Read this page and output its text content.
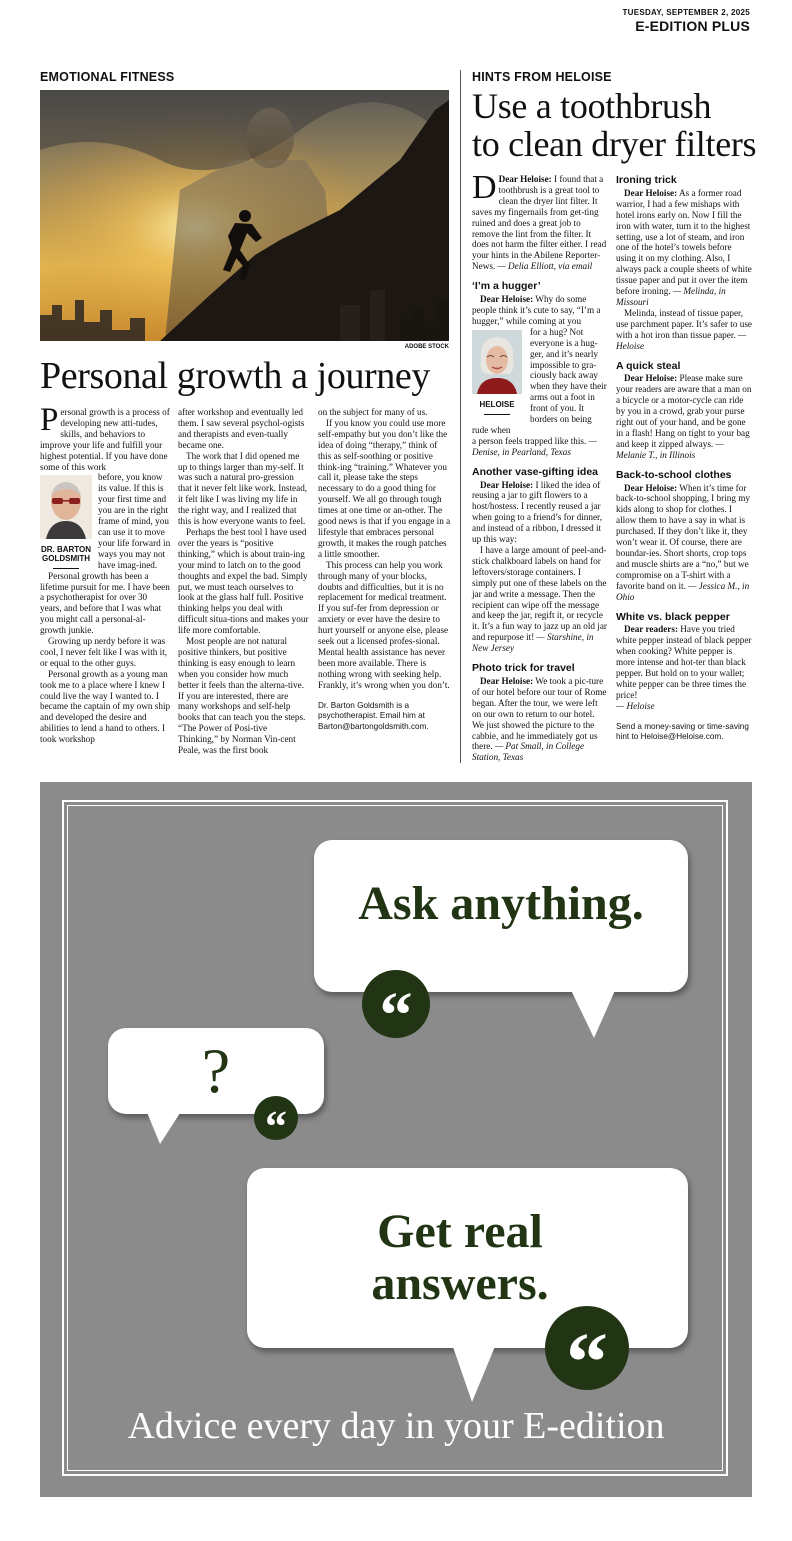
TUESDAY, SEPTEMBER 2, 2025
E-EDITION PLUS
EMOTIONAL FITNESS
ADOBE STOCK
Personal growth a journey

Personal growth is a process of developing new atti-tudes, skills, and behaviors to improve your life and fulfill your highest potential. If you have done some of this work

DR. BARTON
GOLDSMITH

before, you know its value. If this is your first time and you are in the right frame of mind, you can use it to move your life forward in ways you may not have imag-ined.

Personal growth has been a lifetime pursuit for me. I have been a psychotherapist for over 30 years, and before that I was what you might call a personal-al-growth junkie.

Growing up nerdy before it was cool, I never felt like I was with it, or equal to the other guys.

Personal growth as a young man took me to a place where I knew I could live the way I wanted to. I became the captain of my own ship and developed the desire and abilities to lend a hand to others. I took workshop

after workshop and eventually led them. I saw several psychol-ogists and therapists and even-tually became one.

The work that I did opened me up to things larger than my-self. It was such a natural pro-gression that it never felt like work. Instead, it felt like I was living my life in the right way, and I realized that this is how everyone wants to feel.

Perhaps the best tool I have used over the years is “positive thinking,” which is about train-ing your mind to latch on to the good thoughts and expel the bad. Simply put, we must teach ourselves to look at the glass half full. Positive thinking helps you deal with difficult situa-tions and makes your life more comfortable.

Most people are not natural positive thinkers, but positive thinking is easy enough to learn when you consider how much better it feels than the alterna-tive. If you are interested, there are many workshops and self-help books that can teach you the steps. “The Power of Posi-tive Thinking,” by Norman Vin-cent Peale, was the first book

on the subject for many of us.

If you know you could use more self-empathy but you don’t like the idea of doing “therapy,” think of this as self-soothing or positive think-ing “training.” Whatever you call it, please take the steps necessary to do a good thing for yourself. We all go through tough times at one time or an-other. The good news is that if you engage in a lifestyle that embraces personal growth, it makes the rough patches a little smoother.

This process can help you work through many of your blocks, doubts and difficulties, but it is no replacement for medical treatment. If you suf-fer from depression or anxiety or ever have the desire to hurt yourself or anyone else, please seek out a licensed profes-sional. Mental health assistance has never been more available. There is nothing wrong with seeking help. Frankly, it’s wrong when you don’t.

Dr. Barton Goldsmith is a psychotherapist. Email him at Barton@bartongoldsmith.com.

HINTS FROM HELOISE
Use a toothbrush
to clean dryer filters

D Dear Heloise: I found that a toothbrush is a great tool to clean the dryer lint filter. It saves my fingernails from get-ting ruined and does a great job to remove the lint from the filter. It does not harm the filter either. I read your hints in the Abilene Reporter-News. — Delia Elliott, via email

‘I’m a hugger’

Dear Heloise: Why do some people think it’s cute to say, “I’m a hugger,” while coming at you

HELOISE

for a hug? Not everyone is a hug-ger, and it’s nearly impossible to gra-ciously back away when they have their arms out a foot in front of you. It borders on being rude when

a person feels trapped like this. — Denise, in Pearland, Texas

Another vase-gifting idea

Dear Heloise: I liked the idea of reusing a jar to gift flowers to a host/hostess. I recently reused a jar when going to a friend’s for dinner, and instead of a ribbon, I dressed it up this way:

I have a large amount of peel-and-stick chalkboard labels on hand for leftovers/storage containers. I simply put one of these labels on the jar and write a message. Then the recipient can wipe off the message and keep the jar, regift it, or recycle it. It’s a fun way to jazz up an old jar and repurpose it! — Starshine, in New Jersey

Photo trick for travel

Dear Heloise: We took a pic-ture of our hotel before our tour of Rome began. After the tour, we were left on our own to return to our hotel. We just showed the picture to the cabbie, and he immediately got us there. — Pat Small, in College Station, Texas

Ironing trick

Dear Heloise: As a former road warrior, I had a few mishaps with hotel irons early on. Now I fill the iron with water, turn it to the highest setting, use a lot of steam, and iron one of the hotel’s towels before using it on my clothing. Also, I always pack a couple sheets of white tissue paper and put it over the item before ironing. — Melinda, in Missouri

Melinda, instead of tissue paper, use parchment paper. It’s safer to use with a hot iron than tissue paper. — Heloise

A quick steal

Dear Heloise: Please make sure your readers are aware that a man on a bicycle or a motor-cycle can ride by you in a crowd, grab your purse right out of your hand, and be gone in a flash! Hang on tight to your bag and keep it zipped always. — Melanie T., in Illinois

Back-to-school clothes

Dear Heloise: When it’s time for back-to-school shopping, I bring my kids along to shop for clothes. I allow them to have a say in what is purchased. If they don’t like it, they won’t wear it. Of course, there are boundar-ies. Short shorts, crop tops and muscle shirts are a “no,” but we compromise on a T-shirt with a favorite band on it. — Jessica M., in Ohio

White vs. black pepper

Dear readers: Have you tried white pepper instead of black pepper when cooking? White pepper is more intense and hot-ter than black pepper. But hold on to your wallet; white pepper can be three times the price!
— Heloise

Send a money-saving or time-saving hint to Heloise@Heloise.com.

Ask anything.
“
?
“
Get real
answers.
“
Advice every day in your E-edition
